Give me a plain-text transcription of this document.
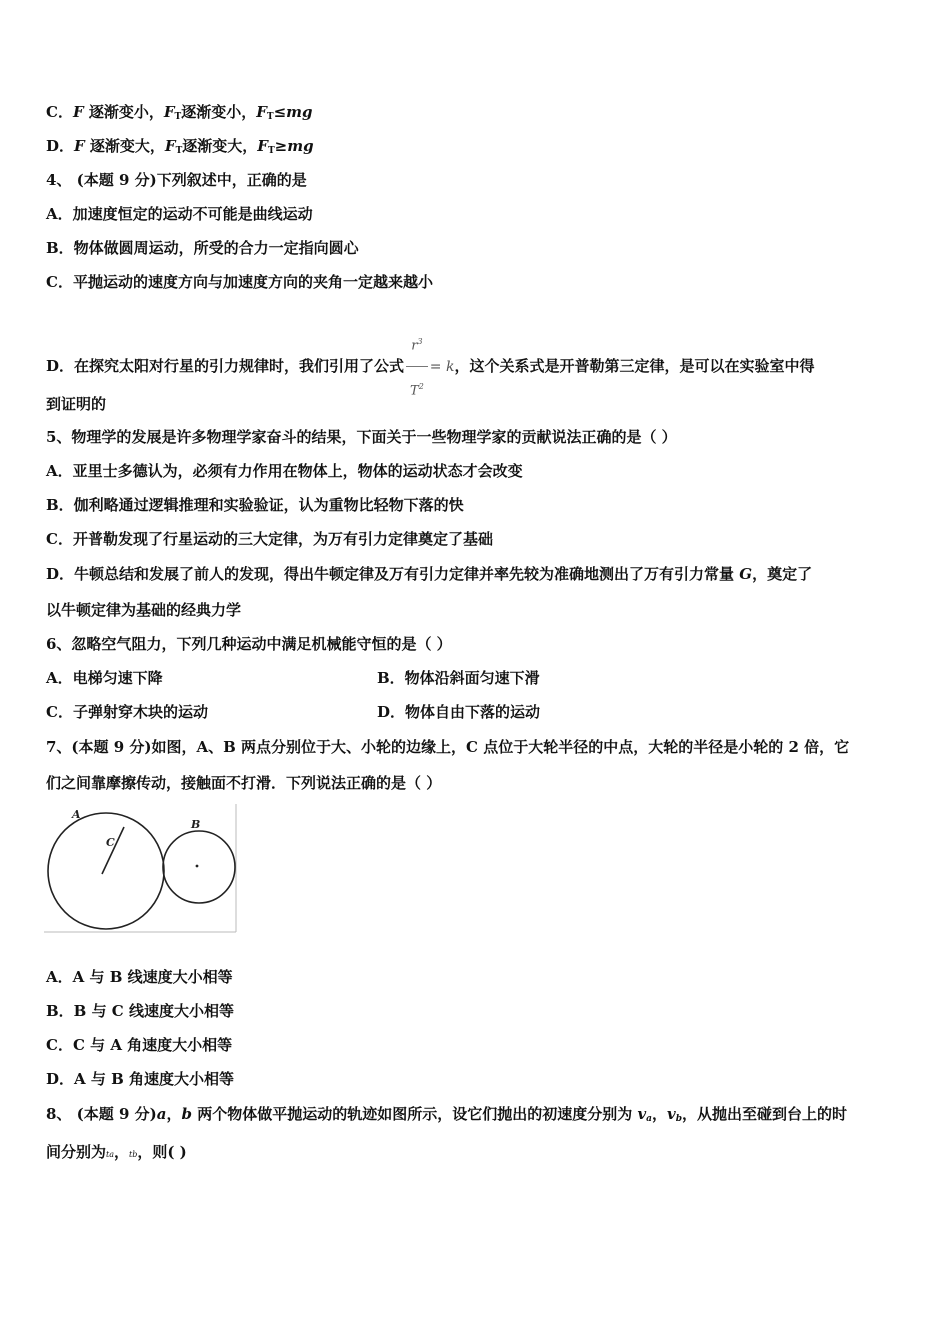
C．F 逐渐变小，$F_T$逐渐变小，$F_T\le mg$
D．F 逐渐变大，$F_T$逐渐变大，$F_T\ge mg$
4、 (本题 9 分)下列叙述中，正确的是
A．加速度恒定的运动不可能是曲线运动
B．物体做圆周运动，所受的合力一定指向圆心
C．平抛运动的速度方向与加速度方向的夹角一定越来越小
D．在探究太阳对行星的引力规律时，我们引用了公式 $\frac{r^3}{T^2} = k$，这个关系式是开普勒第三定律，是可以在实验室中得
到证明的
5、物理学的发展是许多物理学家奋斗的结果，下面关于一些物理学家的贡献说法正确的是（ ）
A．亚里士多德认为，必须有力作用在物体上，物体的运动状态才会改变
B．伽利略通过逻辑推理和实验验证，认为重物比轻物下落的快
C．开普勒发现了行星运动的三大定律，为万有引力定律奠定了基础
D．牛顿总结和发展了前人的发现，得出牛顿定律及万有引力定律并率先较为准确地测出了万有引力常量 G，奠定了
以牛顿定律为基础的经典力学
6、忽略空气阻力，下列几种运动中满足机械能守恒的是（ ）
A．电梯匀速下降	B．物体沿斜面匀速下滑
C．子弹射穿木块的运动	D．物体自由下落的运动
7、(本题 9 分)如图，A、B 两点分别位于大、小轮的边缘上，C 点位于大轮半径的中点，大轮的半径是小轮的 2 倍，它
们之间靠摩擦传动，接触面不打滑．下列说法正确的是（ ）
A
C
B
A．A 与 B 线速度大小相等
B．B 与 C 线速度大小相等
C．C 与 A 角速度大小相等
D．A 与 B 角速度大小相等
8、 (本题 9 分)a，b 两个物体做平抛运动的轨迹如图所示，设它们抛出的初速度分别为 $v_a$，$v_b$，从抛出至碰到台上的时
间分别为ta，tb，则( )
